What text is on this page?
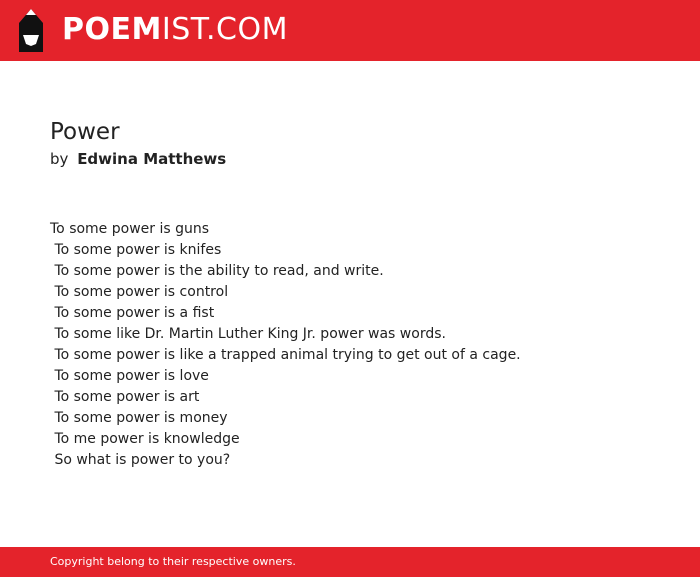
POEMIST.COM
Power
by Edwina Matthews
To some power is guns
To some power is knifes
To some power is the ability to read, and write.
To some power is control
To some power is a fist
To some like Dr. Martin Luther King Jr. power was words.
To some power is like a trapped animal trying to get out of a cage.
To some power is love
To some power is art
To some power is money
To me power is knowledge
So what is power to you?
Copyright belong to their respective owners.
